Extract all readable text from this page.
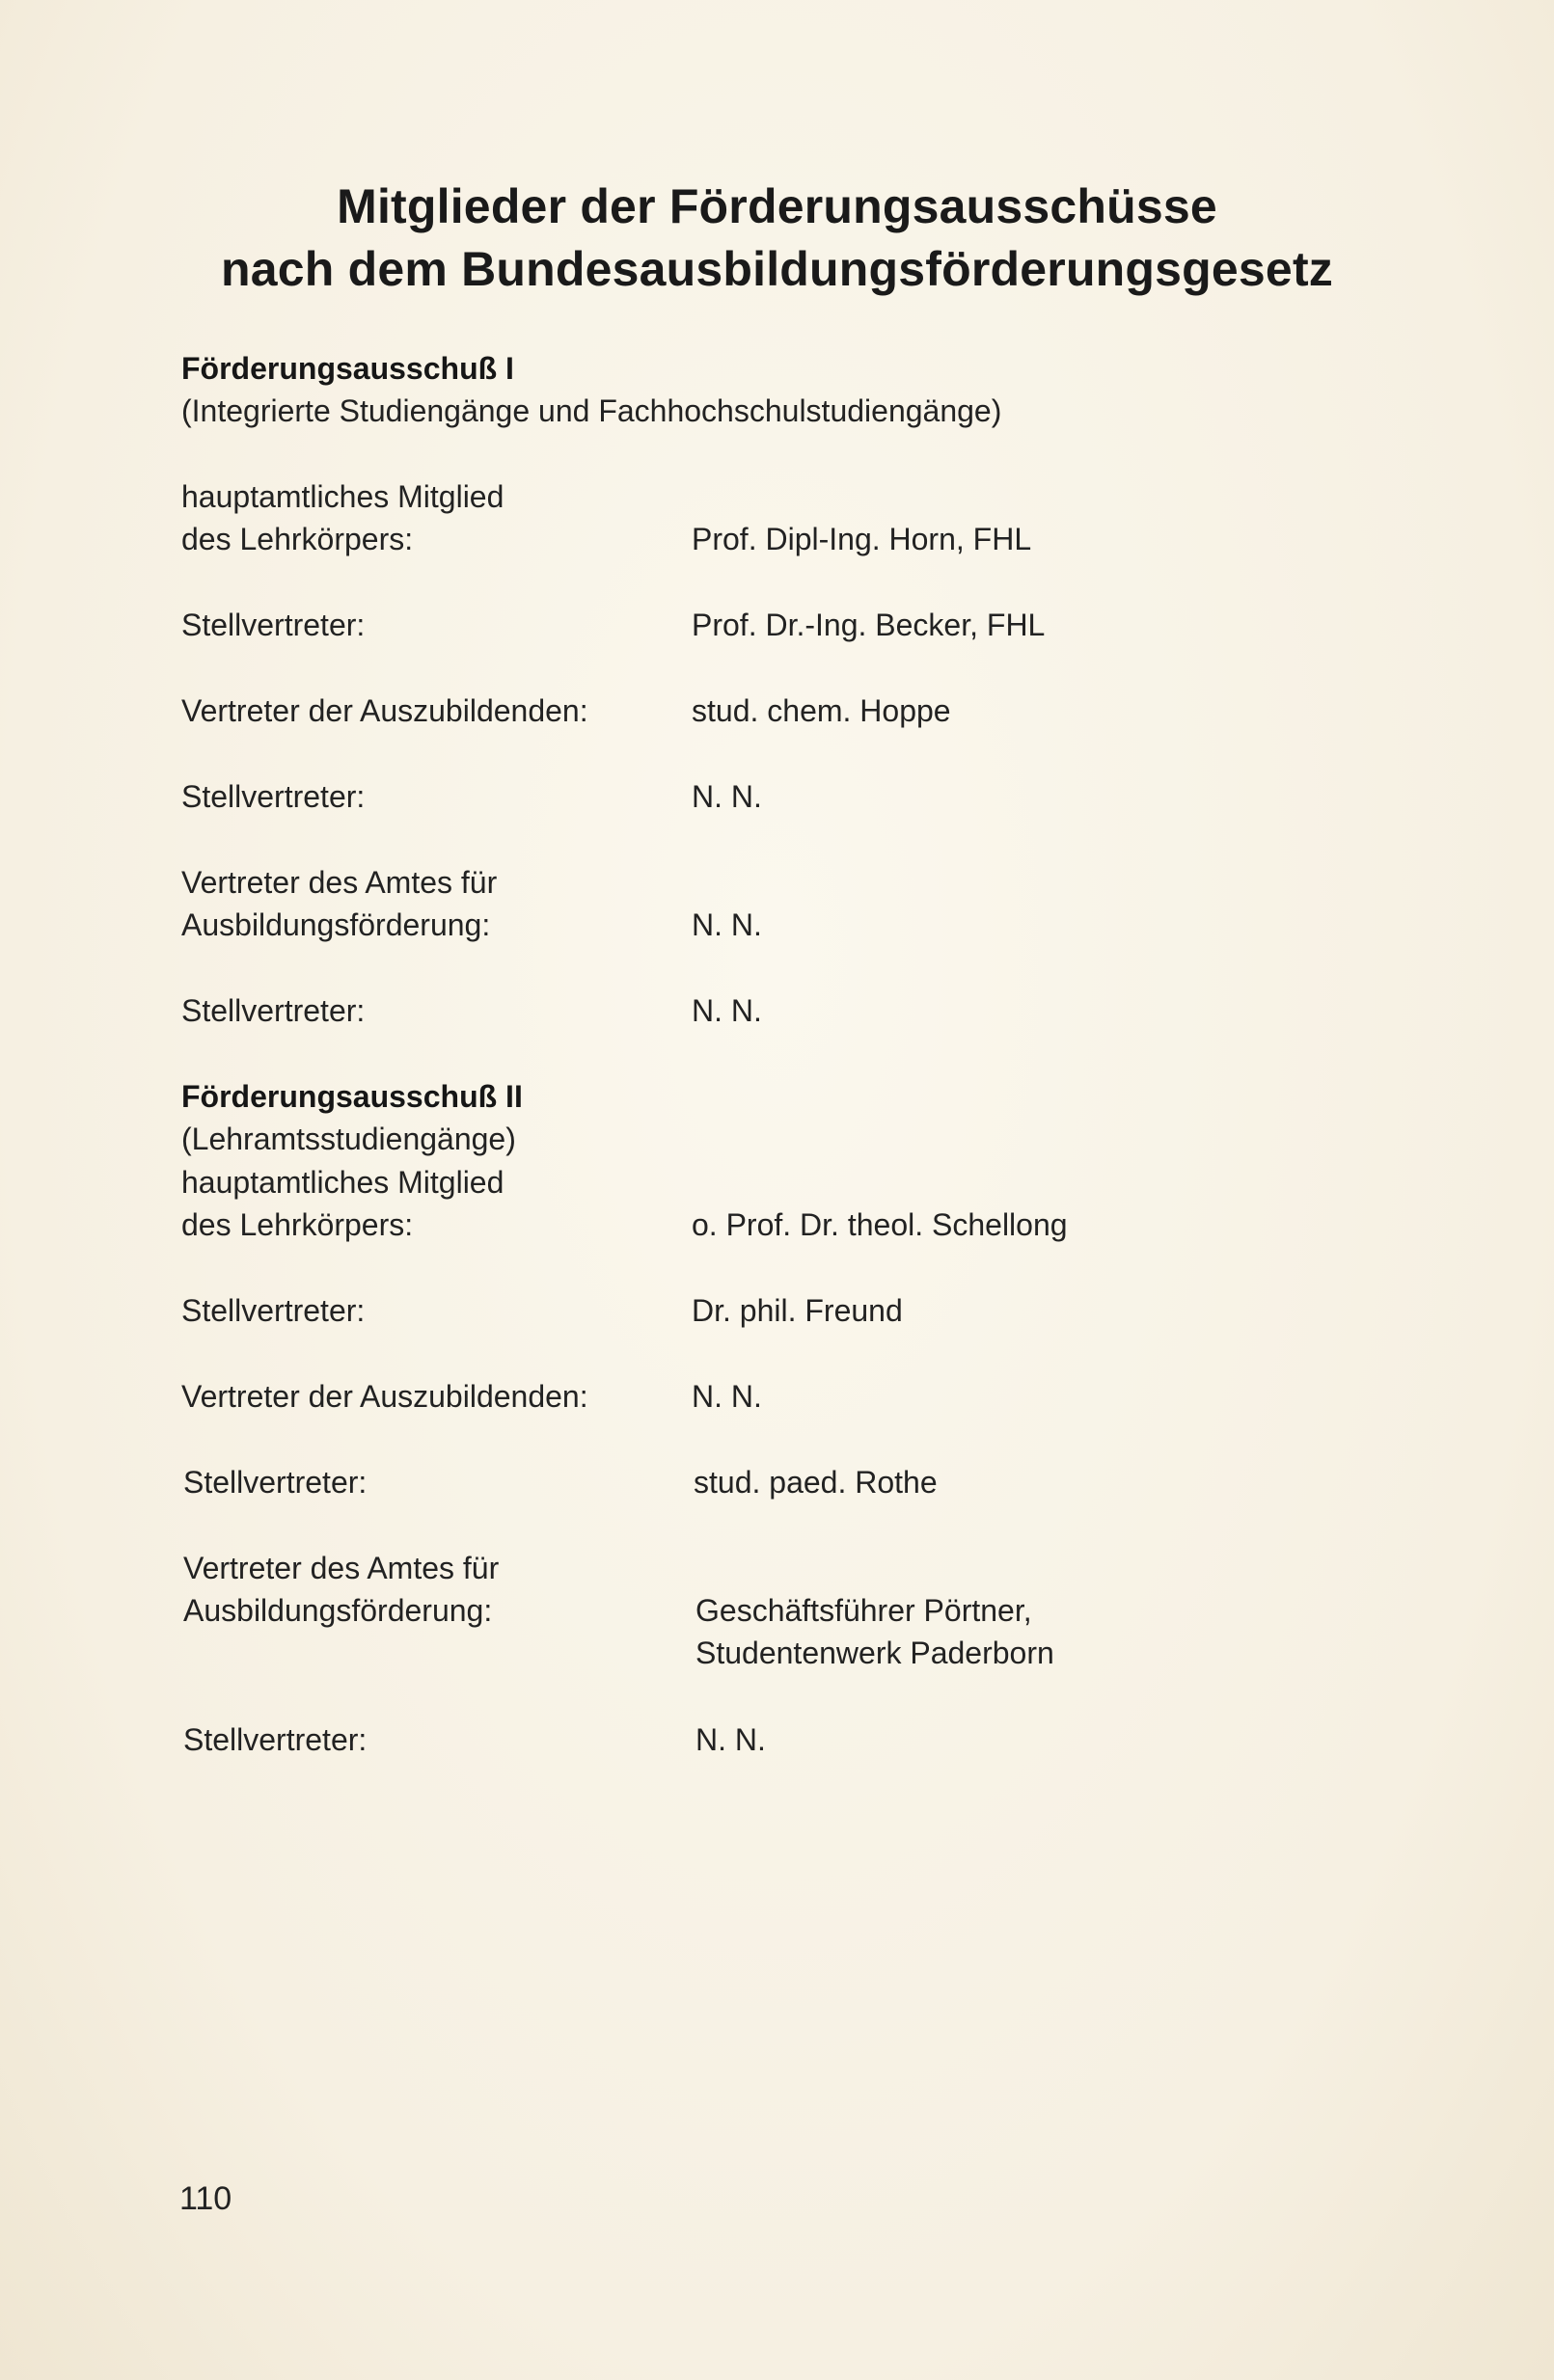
Mitglieder der Förderungsausschüsse
nach dem Bundesausbildungsförderungsgesetz
Förderungsausschuß I
(Integrierte Studiengänge und Fachhochschulstudiengänge)
hauptamtliches Mitglied
des Lehrkörpers:	Prof. Dipl-Ing. Horn, FHL
Stellvertreter:	Prof. Dr.-Ing. Becker, FHL
Vertreter der Auszubildenden:	stud. chem. Hoppe
Stellvertreter:	N. N.
Vertreter des Amtes für
Ausbildungsförderung:	N. N.
Stellvertreter:	N. N.
Förderungsausschuß II
(Lehramtsstudiengänge)
hauptamtliches Mitglied
des Lehrkörpers:	o. Prof. Dr. theol. Schellong
Stellvertreter:	Dr. phil. Freund
Vertreter der Auszubildenden:	N. N.
Stellvertreter:	stud. paed. Rothe
Vertreter des Amtes für
Ausbildungsförderung:	Geschäftsführer Pörtner,
Studentenwerk Paderborn
Stellvertreter:	N. N.
110
